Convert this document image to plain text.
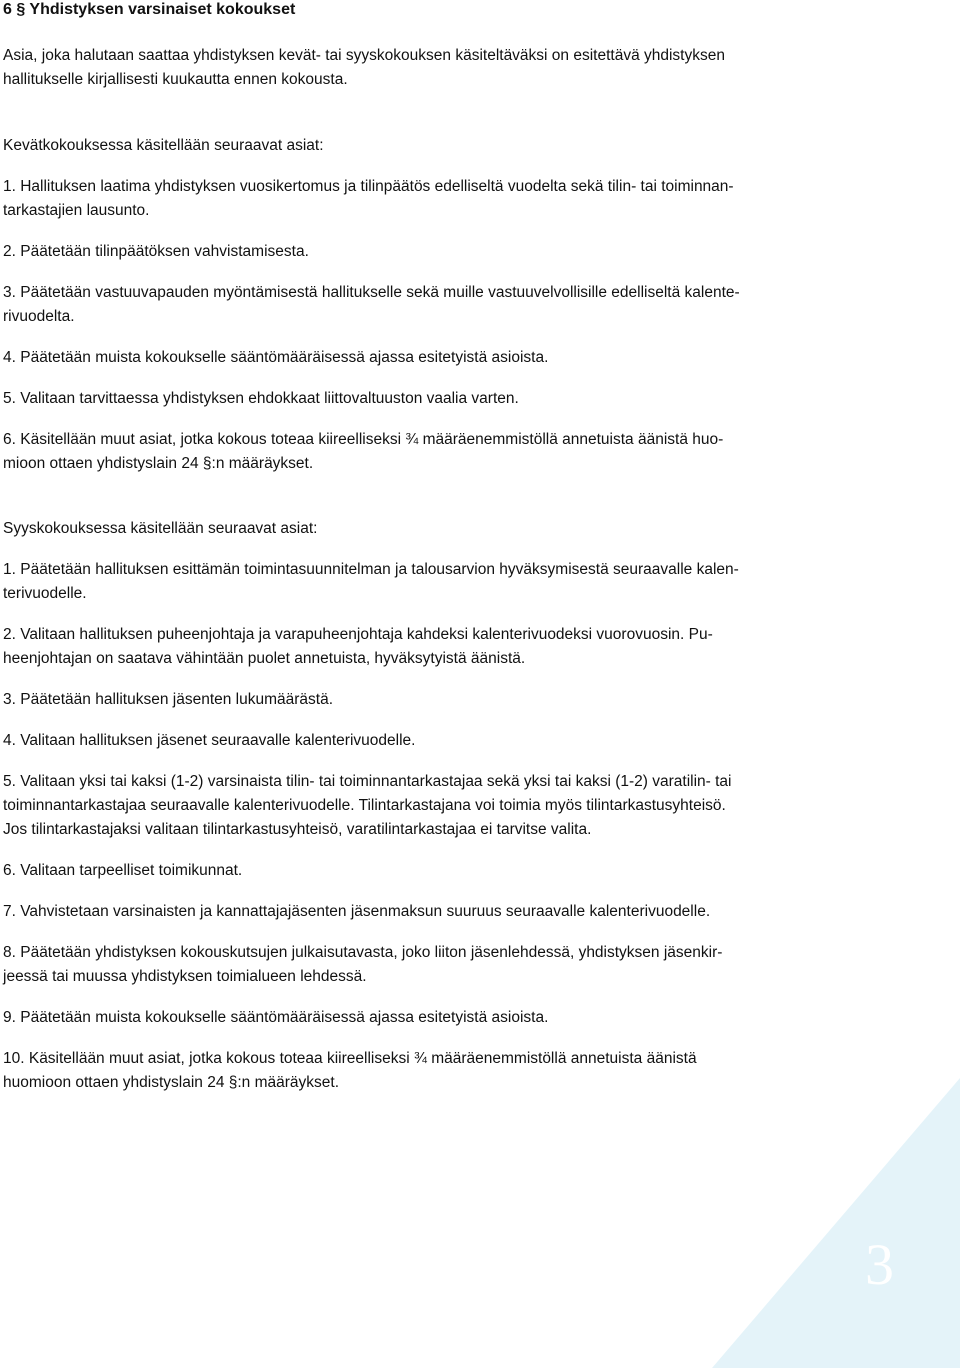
6 § Yhdistyksen varsinaiset kokoukset

Asia, joka halutaan saattaa yhdistyksen kevät- tai syyskokouksen käsiteltäväksi on esitettävä yhdistyksen

hallitukselle kirjallisesti kuukautta ennen kokousta.

Kevätkokouksessa käsitellään seuraavat asiat:

1. Hallituksen laatima yhdistyksen vuosikertomus ja tilinpäätös edelliseltä vuodelta sekä tilin- tai toiminnan-

tarkastajien lausunto.

2. Päätetään tilinpäätöksen vahvistamisesta.

3. Päätetään vastuuvapauden myöntämisestä hallitukselle sekä muille vastuuvelvollisille edelliseltä kalente-

rivuodelta.

4. Päätetään muista kokoukselle sääntömääräisessä ajassa esitetyistä asioista.

5. Valitaan tarvittaessa yhdistyksen ehdokkaat liittovaltuuston vaalia varten.

6. Käsitellään muut asiat, jotka kokous toteaa kiireelliseksi ¾ määräenemmistöllä annetuista äänistä huo-

mioon ottaen yhdistyslain 24 §:n määräykset.

Syyskokouksessa käsitellään seuraavat asiat:

1. Päätetään hallituksen esittämän toimintasuunnitelman ja talousarvion hyväksymisestä seuraavalle kalen-

terivuodelle.

2. Valitaan hallituksen puheenjohtaja ja varapuheenjohtaja kahdeksi kalenterivuodeksi vuorovuosin. Pu-

heenjohtajan on saatava vähintään puolet annetuista, hyväksytyistä äänistä.

3. Päätetään hallituksen jäsenten lukumäärästä.

4. Valitaan hallituksen jäsenet seuraavalle kalenterivuodelle.

5. Valitaan yksi tai kaksi (1-2) varsinaista tilin- tai toiminnantarkastajaa sekä yksi tai kaksi (1-2) varatilin- tai

toiminnantarkastajaa seuraavalle kalenterivuodelle. Tilintarkastajana voi toimia myös tilintarkastusyhteisö.

Jos tilintarkastajaksi valitaan tilintarkastusyhteisö, varatilintarkastajaa ei tarvitse valita.

6. Valitaan tarpeelliset toimikunnat.

7. Vahvistetaan varsinaisten ja kannattajajäsenten jäsenmaksun suuruus seuraavalle kalenterivuodelle.

8. Päätetään yhdistyksen kokouskutsujen julkaisutavasta, joko liiton jäsenlehdessä, yhdistyksen jäsenkir-

jeessä tai muussa yhdistyksen toimialueen lehdessä.

9. Päätetään muista kokoukselle sääntömääräisessä ajassa esitetyistä asioista.

10. Käsitellään muut asiat, jotka kokous toteaa kiireelliseksi ¾ määräenemmistöllä annetuista äänistä

huomioon ottaen yhdistyslain 24 §:n määräykset.

3
